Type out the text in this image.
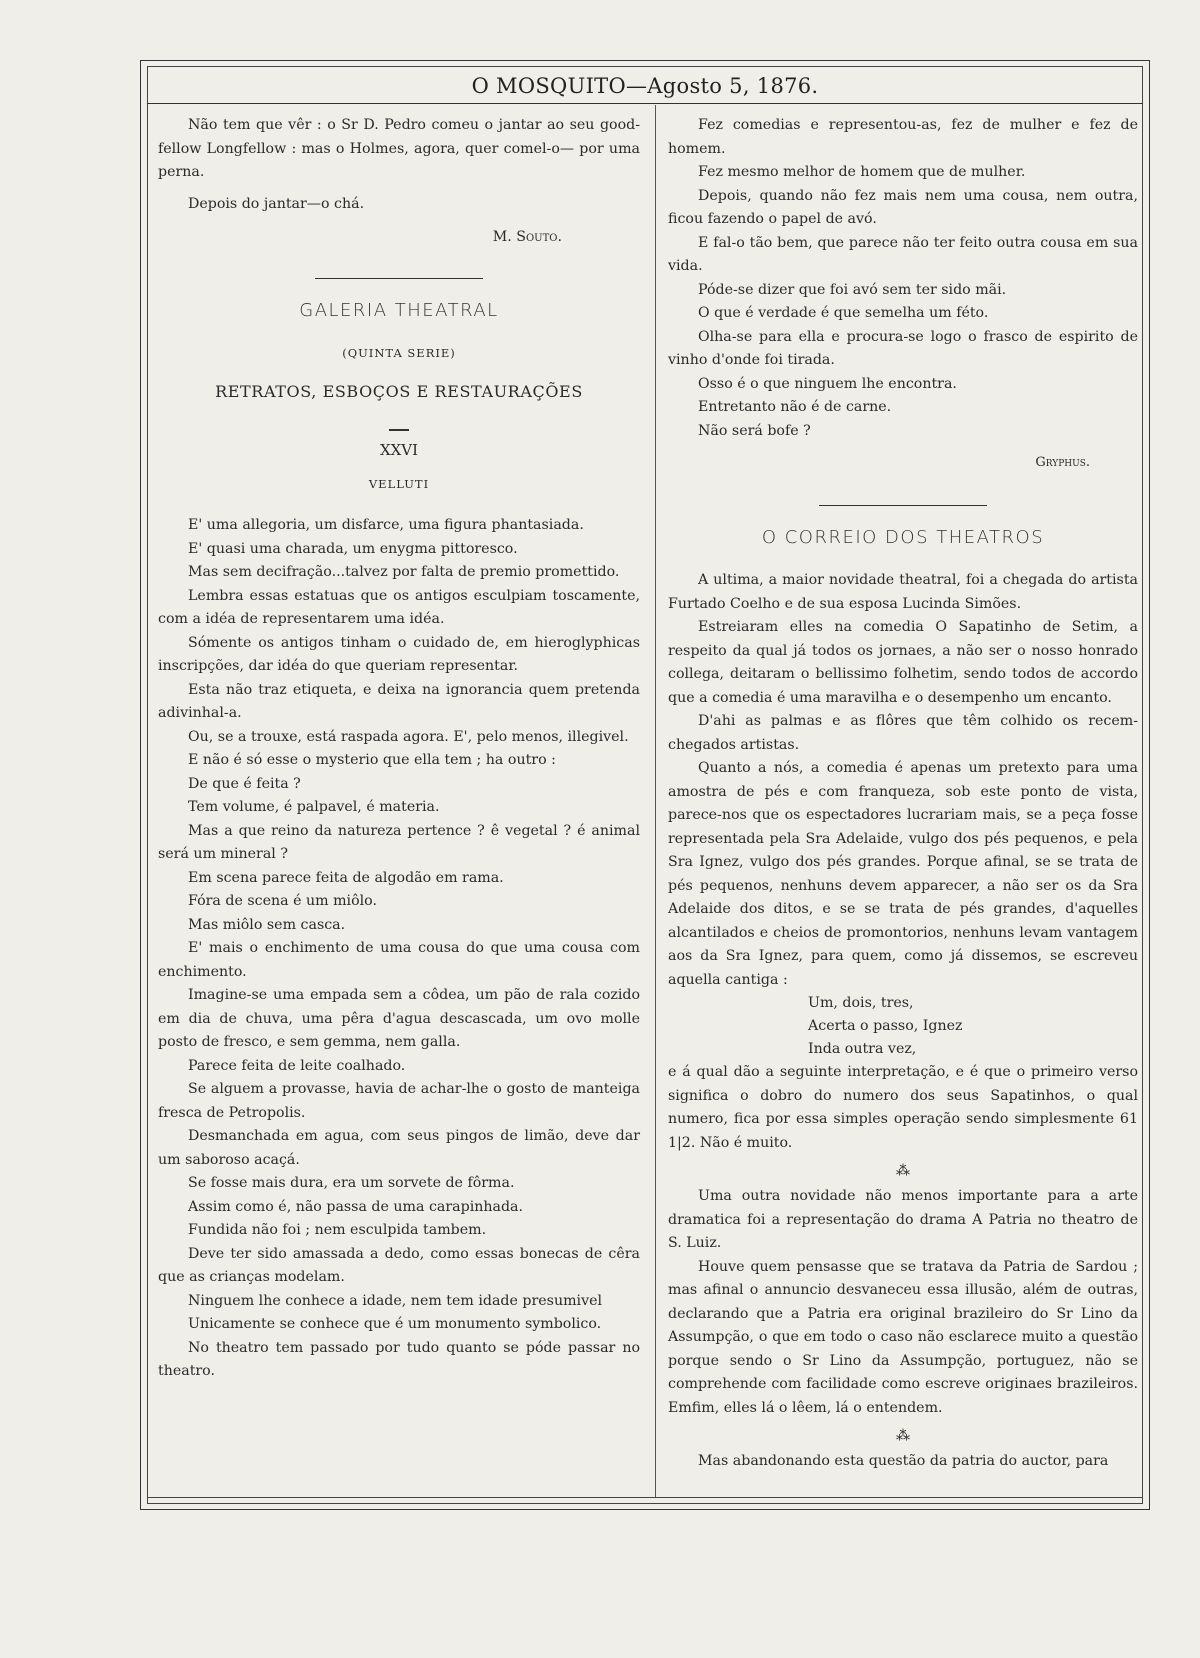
O MOSQUITO—Agosto 5, 1876.

Não tem que vêr : o Sr D. Pedro comeu o jantar ao seu good-fellow Longfellow : mas o Holmes, agora, quer comel-o— por uma perna.

Depois do jantar—o chá.

M. Souto.
GALERIA THEATRAL
(QUINTA SERIE)
RETRATOS, ESBOÇOS E RESTAURAÇÕES
XXVI
VELLUTI

E' uma allegoria, um disfarce, uma figura phantasiada.

E' quasi uma charada, um enygma pittoresco.

Mas sem decifração...talvez por falta de premio promettido.

Lembra essas estatuas que os antigos esculpiam toscamente, com a idéa de representarem uma idéa.

Sómente os antigos tinham o cuidado de, em hieroglyphicas inscripções, dar idéa do que queriam representar.

Esta não traz etiqueta, e deixa na ignorancia quem pretenda adivinhal-a.

Ou, se a trouxe, está raspada agora. E', pelo menos, illegivel.

E não é só esse o mysterio que ella tem ; ha outro :

De que é feita ?

Tem volume, é palpavel, é materia.

Mas a que reino da natureza pertence ? ê vegetal ? é animal será um mineral ?

Em scena parece feita de algodão em rama.

Fóra de scena é um miôlo.

Mas miôlo sem casca.

E' mais o enchimento de uma cousa do que uma cousa com enchimento.

Imagine-se uma empada sem a côdea, um pão de rala cozido em dia de chuva, uma pêra d'agua descascada, um ovo molle posto de fresco, e sem gemma, nem galla.

Parece feita de leite coalhado.

Se alguem a provasse, havia de achar-lhe o gosto de manteiga fresca de Petropolis.

Desmanchada em agua, com seus pingos de limão, deve dar um saboroso acaçá.

Se fosse mais dura, era um sorvete de fôrma.

Assim como é, não passa de uma carapinhada.

Fundida não foi ; nem esculpida tambem.

Deve ter sido amassada a dedo, como essas bonecas de cêra que as crianças modelam.

Ninguem lhe conhece a idade, nem tem idade presumivel

Unicamente se conhece que é um monumento symbolico.

No theatro tem passado por tudo quanto se póde passar no theatro.

Fez comedias e representou-as, fez de mulher e fez de homem.

Fez mesmo melhor de homem que de mulher.

Depois, quando não fez mais nem uma cousa, nem outra, ficou fazendo o papel de avó.

E fal-o tão bem, que parece não ter feito outra cousa em sua vida.

Póde-se dizer que foi avó sem ter sido mãi.

O que é verdade é que semelha um féto.

Olha-se para ella e procura-se logo o frasco de espirito de vinho d'onde foi tirada.

Osso é o que ninguem lhe encontra.

Entretanto não é de carne.

Não será bofe ?

Gryphus.
O CORREIO DOS THEATROS

A ultima, a maior novidade theatral, foi a chegada do artista Furtado Coelho e de sua esposa Lucinda Simões.

Estreiaram elles na comedia O Sapatinho de Setim, a respeito da qual já todos os jornaes, a não ser o nosso honrado collega, deitaram o bellissimo folhetim, sendo todos de accordo que a comedia é uma maravilha e o desempenho um encanto.

D'ahi as palmas e as flôres que têm colhido os recem-chegados artistas.

Quanto a nós, a comedia é apenas um pretexto para uma amostra de pés e com franqueza, sob este ponto de vista, parece-nos que os espectadores lucrariam mais, se a peça fosse representada pela Sra Adelaide, vulgo dos pés pequenos, e pela Sra Ignez, vulgo dos pés grandes. Porque afinal, se se trata de pés pequenos, nenhuns devem apparecer, a não ser os da Sra Adelaide dos ditos, e se se trata de pés grandes, d'aquelles alcantilados e cheios de promontorios, nenhuns levam vantagem aos da Sra Ignez, para quem, como já dissemos, se escreveu aquella cantiga :

Um, dois, tres,
Acerta o passo, Ignez
Inda outra vez,

e á qual dão a seguinte interpretação, e é que o primeiro verso significa o dobro do numero dos seus Sapatinhos, o qual numero, fica por essa simples operação sendo simplesmente 61 1|2. Não é muito.

⁂

Uma outra novidade não menos importante para a arte dramatica foi a representação do drama A Patria no theatro de S. Luiz.

Houve quem pensasse que se tratava da Patria de Sardou ; mas afinal o annuncio desvaneceu essa illusão, além de outras, declarando que a Patria era original brazileiro do Sr Lino da Assumpção, o que em todo o caso não esclarece muito a questão porque sendo o Sr Lino da Assumpção, portuguez, não se comprehende com facilidade como escreve originaes brazileiros. Emfim, elles lá o lêem, lá o entendem.

⁂

Mas abandonando esta questão da patria do auctor, para
